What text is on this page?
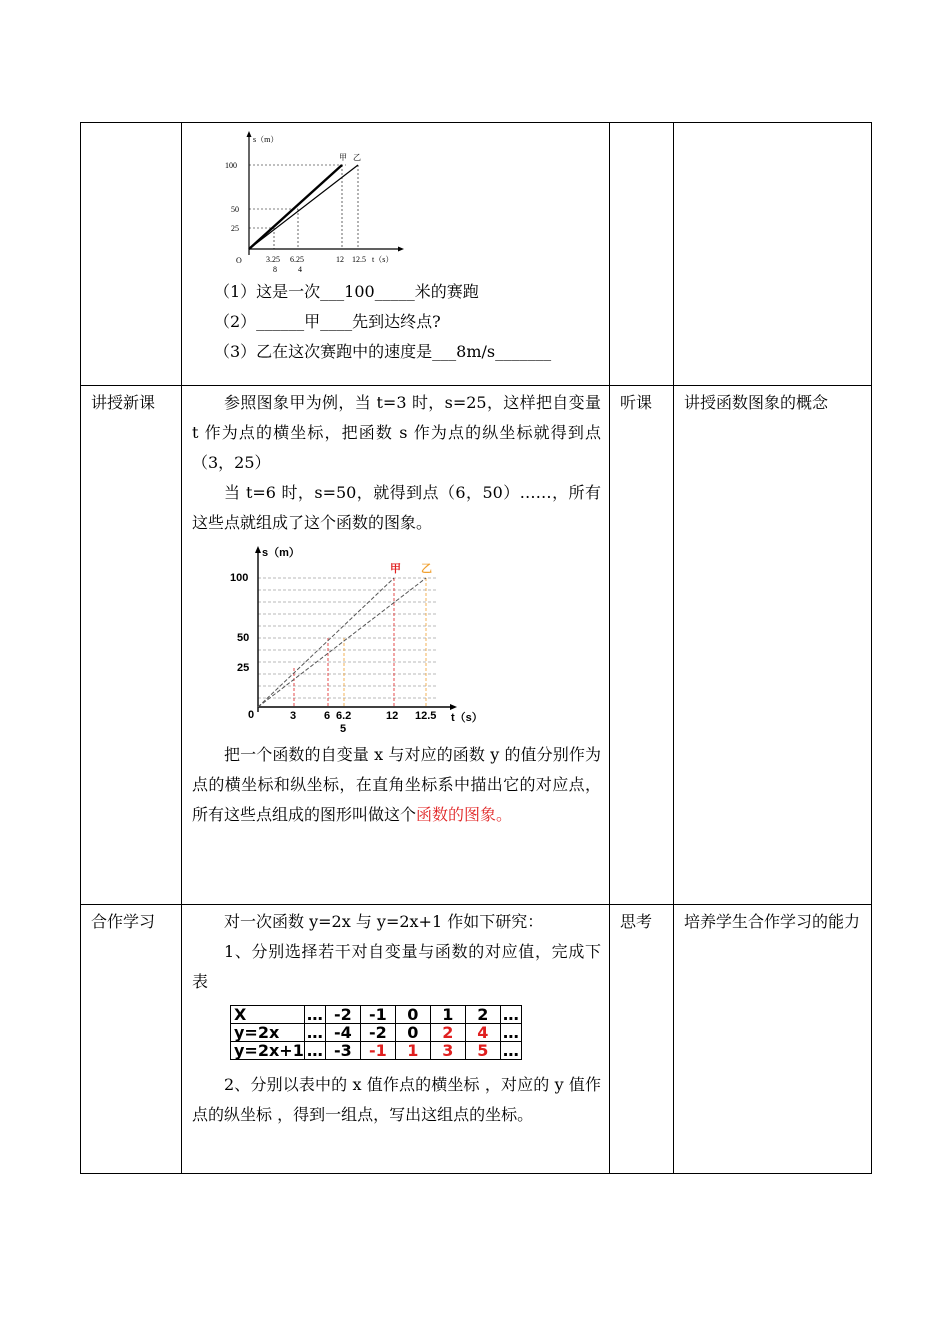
s（m）
100
50
25
O
甲 乙
3.25 6.25	12 12.5
8	4
t（s）

（1）这是一次___100_____米的赛跑

（2）______甲____先到达终点?

（3）乙在这次赛跑中的速度是___8m/s_______

讲授新课	参照图象甲为例，当 t=3 时，s=25，这样把自变量 t 作为点的横坐标，把函数 s 作为点的纵坐标就得到点（3，25）

当 t=6 时，s=50，就得到点（6，50）……，所有这些点就组成了这个函数的图象。

s（m）
100
50
25
0
甲 乙
3	6 6.2	12 12.5
5
t（s）

把一个函数的自变量 x 与对应的函数 y 的值分别作为点的横坐标和纵坐标，在直角坐标系中描出它的对应点，所有这些点组成的图形叫做这个函数的图象。

	听课	讲授函数图象的概念
合作学习	对一次函数 y=2x 与 y=2x+1 作如下研究：

1、分别选择若干对自变量与函数的对应值，完成下表

X	…	-2	-1	0	1	2	…
y=2x	…	-4	-2	0	2	4	…
y=2x+1	…	-3	-1	1	3	5	…

2、分别以表中的 x 值作点的横坐标 ，对应的 y 值作点的纵坐标 ，得到一组点，写出这组点的坐标。

	思考	培养学生合作学习的能力
